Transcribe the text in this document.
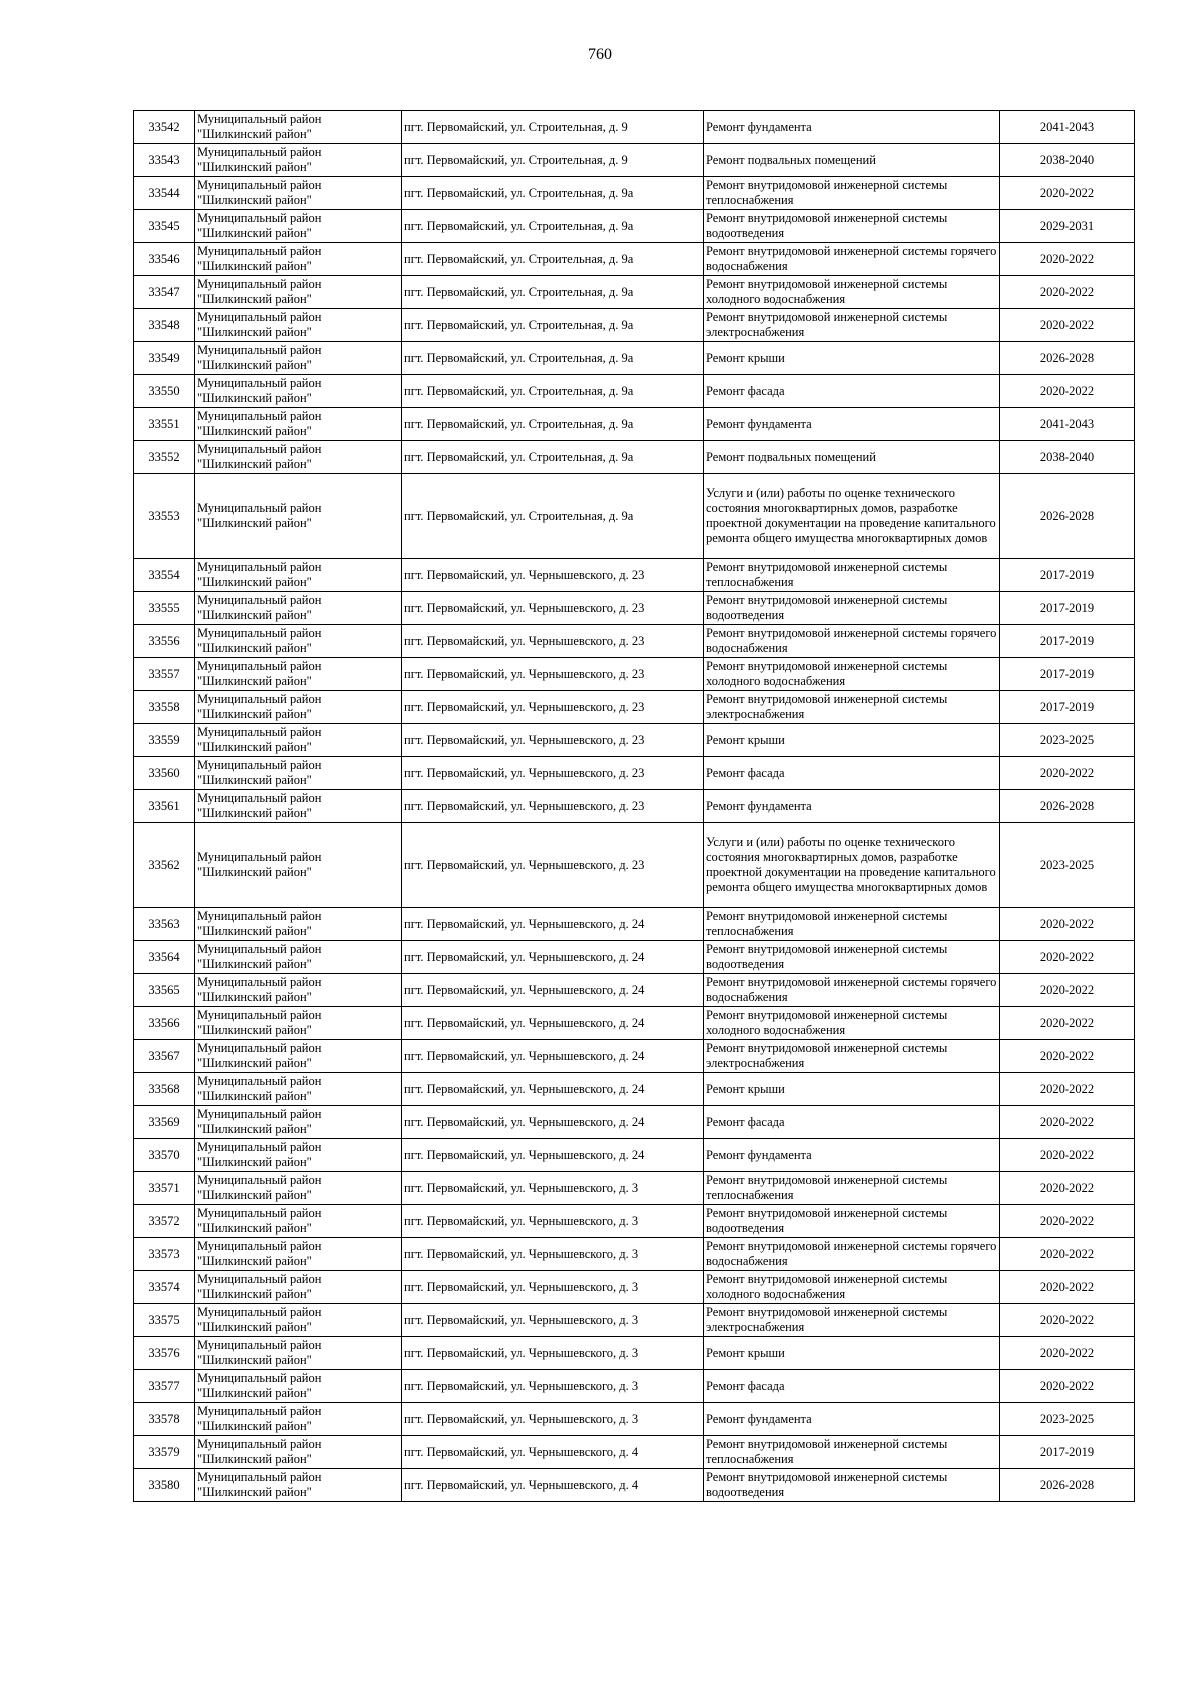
760
33542	Муниципальный район "Шилкинский район"	пгт. Первомайский, ул. Строительная, д. 9	Ремонт фундамента	2041-2043
33543	Муниципальный район "Шилкинский район"	пгт. Первомайский, ул. Строительная, д. 9	Ремонт подвальных помещений	2038-2040
33544	Муниципальный район "Шилкинский район"	пгт. Первомайский, ул. Строительная, д. 9а	Ремонт внутридомовой инженерной системы теплоснабжения	2020-2022
33545	Муниципальный район "Шилкинский район"	пгт. Первомайский, ул. Строительная, д. 9а	Ремонт внутридомовой инженерной системы водоотведения	2029-2031
33546	Муниципальный район "Шилкинский район"	пгт. Первомайский, ул. Строительная, д. 9а	Ремонт внутридомовой инженерной системы горячего водоснабжения	2020-2022
33547	Муниципальный район "Шилкинский район"	пгт. Первомайский, ул. Строительная, д. 9а	Ремонт внутридомовой инженерной системы холодного водоснабжения	2020-2022
33548	Муниципальный район "Шилкинский район"	пгт. Первомайский, ул. Строительная, д. 9а	Ремонт внутридомовой инженерной системы электроснабжения	2020-2022
33549	Муниципальный район "Шилкинский район"	пгт. Первомайский, ул. Строительная, д. 9а	Ремонт крыши	2026-2028
33550	Муниципальный район "Шилкинский район"	пгт. Первомайский, ул. Строительная, д. 9а	Ремонт фасада	2020-2022
33551	Муниципальный район "Шилкинский район"	пгт. Первомайский, ул. Строительная, д. 9а	Ремонт фундамента	2041-2043
33552	Муниципальный район "Шилкинский район"	пгт. Первомайский, ул. Строительная, д. 9а	Ремонт подвальных помещений	2038-2040
33553	Муниципальный район "Шилкинский район"	пгт. Первомайский, ул. Строительная, д. 9а	Услуги и (или) работы по оценке технического состояния многоквартирных домов, разработке проектной документации на проведение капитального ремонта общего имущества многоквартирных домов	2026-2028
33554	Муниципальный район "Шилкинский район"	пгт. Первомайский, ул. Чернышевского, д. 23	Ремонт внутридомовой инженерной системы теплоснабжения	2017-2019
33555	Муниципальный район "Шилкинский район"	пгт. Первомайский, ул. Чернышевского, д. 23	Ремонт внутридомовой инженерной системы водоотведения	2017-2019
33556	Муниципальный район "Шилкинский район"	пгт. Первомайский, ул. Чернышевского, д. 23	Ремонт внутридомовой инженерной системы горячего водоснабжения	2017-2019
33557	Муниципальный район "Шилкинский район"	пгт. Первомайский, ул. Чернышевского, д. 23	Ремонт внутридомовой инженерной системы холодного водоснабжения	2017-2019
33558	Муниципальный район "Шилкинский район"	пгт. Первомайский, ул. Чернышевского, д. 23	Ремонт внутридомовой инженерной системы электроснабжения	2017-2019
33559	Муниципальный район "Шилкинский район"	пгт. Первомайский, ул. Чернышевского, д. 23	Ремонт крыши	2023-2025
33560	Муниципальный район "Шилкинский район"	пгт. Первомайский, ул. Чернышевского, д. 23	Ремонт фасада	2020-2022
33561	Муниципальный район "Шилкинский район"	пгт. Первомайский, ул. Чернышевского, д. 23	Ремонт фундамента	2026-2028
33562	Муниципальный район "Шилкинский район"	пгт. Первомайский, ул. Чернышевского, д. 23	Услуги и (или) работы по оценке технического состояния многоквартирных домов, разработке проектной документации на проведение капитального ремонта общего имущества многоквартирных домов	2023-2025
33563	Муниципальный район "Шилкинский район"	пгт. Первомайский, ул. Чернышевского, д. 24	Ремонт внутридомовой инженерной системы теплоснабжения	2020-2022
33564	Муниципальный район "Шилкинский район"	пгт. Первомайский, ул. Чернышевского, д. 24	Ремонт внутридомовой инженерной системы водоотведения	2020-2022
33565	Муниципальный район "Шилкинский район"	пгт. Первомайский, ул. Чернышевского, д. 24	Ремонт внутридомовой инженерной системы горячего водоснабжения	2020-2022
33566	Муниципальный район "Шилкинский район"	пгт. Первомайский, ул. Чернышевского, д. 24	Ремонт внутридомовой инженерной системы холодного водоснабжения	2020-2022
33567	Муниципальный район "Шилкинский район"	пгт. Первомайский, ул. Чернышевского, д. 24	Ремонт внутридомовой инженерной системы электроснабжения	2020-2022
33568	Муниципальный район "Шилкинский район"	пгт. Первомайский, ул. Чернышевского, д. 24	Ремонт крыши	2020-2022
33569	Муниципальный район "Шилкинский район"	пгт. Первомайский, ул. Чернышевского, д. 24	Ремонт фасада	2020-2022
33570	Муниципальный район "Шилкинский район"	пгт. Первомайский, ул. Чернышевского, д. 24	Ремонт фундамента	2020-2022
33571	Муниципальный район "Шилкинский район"	пгт. Первомайский, ул. Чернышевского, д. 3	Ремонт внутридомовой инженерной системы теплоснабжения	2020-2022
33572	Муниципальный район "Шилкинский район"	пгт. Первомайский, ул. Чернышевского, д. 3	Ремонт внутридомовой инженерной системы водоотведения	2020-2022
33573	Муниципальный район "Шилкинский район"	пгт. Первомайский, ул. Чернышевского, д. 3	Ремонт внутридомовой инженерной системы горячего водоснабжения	2020-2022
33574	Муниципальный район "Шилкинский район"	пгт. Первомайский, ул. Чернышевского, д. 3	Ремонт внутридомовой инженерной системы холодного водоснабжения	2020-2022
33575	Муниципальный район "Шилкинский район"	пгт. Первомайский, ул. Чернышевского, д. 3	Ремонт внутридомовой инженерной системы электроснабжения	2020-2022
33576	Муниципальный район "Шилкинский район"	пгт. Первомайский, ул. Чернышевского, д. 3	Ремонт крыши	2020-2022
33577	Муниципальный район "Шилкинский район"	пгт. Первомайский, ул. Чернышевского, д. 3	Ремонт фасада	2020-2022
33578	Муниципальный район "Шилкинский район"	пгт. Первомайский, ул. Чернышевского, д. 3	Ремонт фундамента	2023-2025
33579	Муниципальный район "Шилкинский район"	пгт. Первомайский, ул. Чернышевского, д. 4	Ремонт внутридомовой инженерной системы теплоснабжения	2017-2019
33580	Муниципальный район "Шилкинский район"	пгт. Первомайский, ул. Чернышевского, д. 4	Ремонт внутридомовой инженерной системы водоотведения	2026-2028
